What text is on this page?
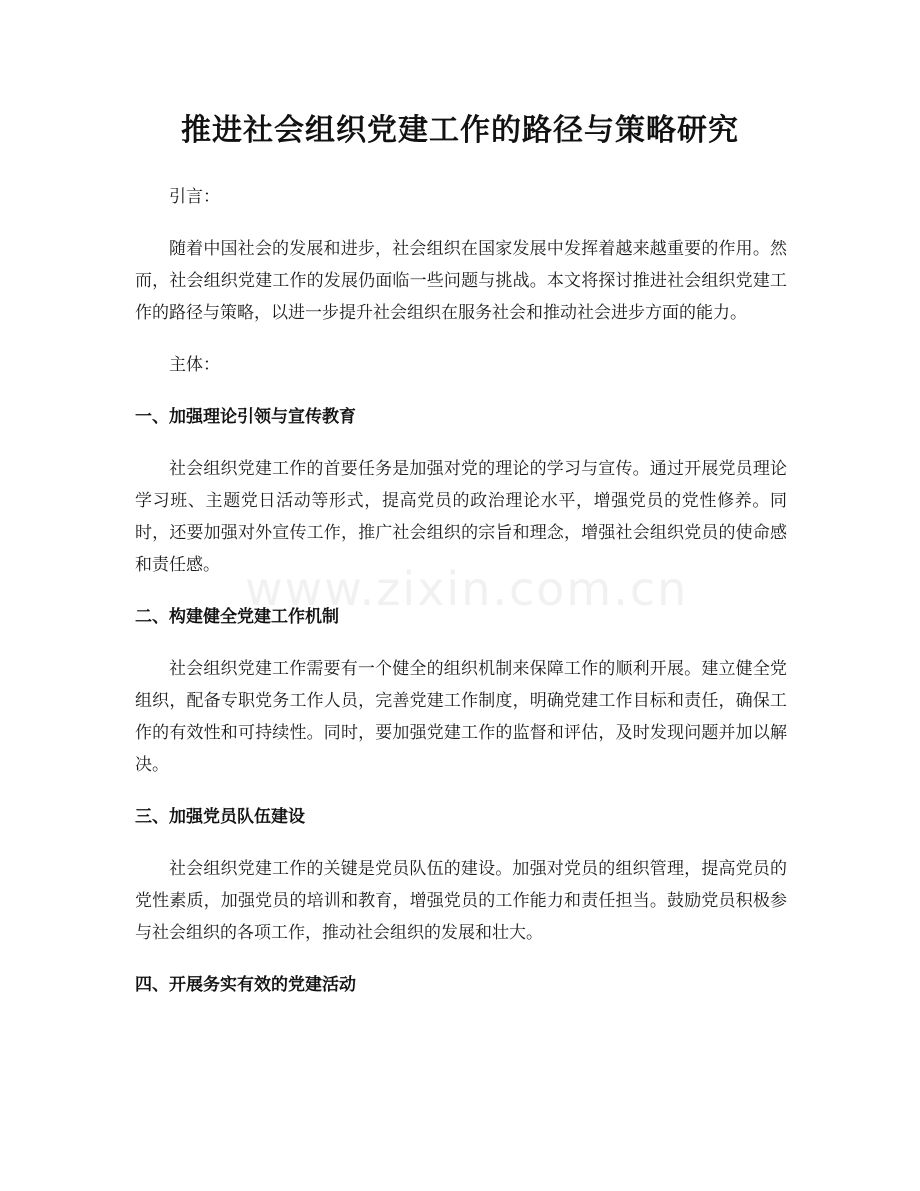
推进社会组织党建工作的路径与策略研究

引言：

随着中国社会的发展和进步，社会组织在国家发展中发挥着越来越重要的作用。然而，社会组织党建工作的发展仍面临一些问题与挑战。本文将探讨推进社会组织党建工作的路径与策略，以进一步提升社会组织在服务社会和推动社会进步方面的能力。

主体：

一、加强理论引领与宣传教育

社会组织党建工作的首要任务是加强对党的理论的学习与宣传。通过开展党员理论学习班、主题党日活动等形式，提高党员的政治理论水平，增强党员的党性修养。同时，还要加强对外宣传工作，推广社会组织的宗旨和理念，增强社会组织党员的使命感和责任感。

二、构建健全党建工作机制

社会组织党建工作需要有一个健全的组织机制来保障工作的顺利开展。建立健全党组织，配备专职党务工作人员，完善党建工作制度，明确党建工作目标和责任，确保工作的有效性和可持续性。同时，要加强党建工作的监督和评估，及时发现问题并加以解决。

三、加强党员队伍建设

社会组织党建工作的关键是党员队伍的建设。加强对党员的组织管理，提高党员的党性素质，加强党员的培训和教育，增强党员的工作能力和责任担当。鼓励党员积极参与社会组织的各项工作，推动社会组织的发展和壮大。

四、开展务实有效的党建活动
www.zixin.com.cn
